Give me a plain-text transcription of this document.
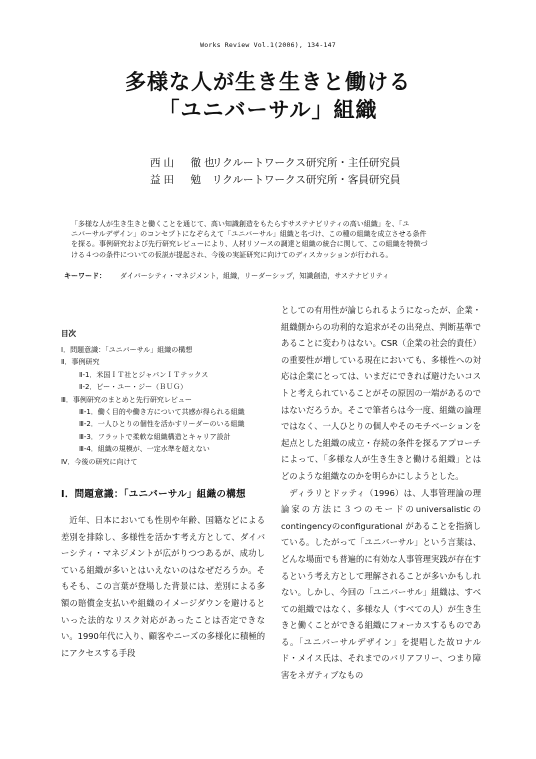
Works Review Vol.1(2006), 134-147
多様な人が生き生きと働ける
「ユニバーサル」組織
西山　徹也リクルートワークス研究所・主任研究員
益田　勉 リクルートワークス研究所・客員研究員
「多様な人が生き生きと働くことを通じて、高い知識創造をもたらすサステナビリティの高い組織」を、「ユ
ニバーサルデザイン」のコンセプトになぞらえて「ユニバーサル」組織と名づけ、この種の組織を成立させる条件
を探る。事例研究および先行研究レビューにより、人材リソースの調達と組織の統合に関して、この組織を特徴づ
ける４つの条件についての仮説が提起され、今後の実証研究に向けてのディスカッションが行われる。
キーワード： ダイバーシティ・マネジメント，組織，リーダーシップ，知識創造，サステナビリティ
目次
Ⅰ．問題意識：「ユニバーサル」組織の構想
Ⅱ．事例研究
Ⅱ-1．米国ＩＴ社とジャパンＩＴテックス
Ⅱ-2．ビー・ユー・ジー（ＢＵＧ）
Ⅲ．事例研究のまとめと先行研究レビュー
Ⅲ-1．働く目的や働き方について共感が得られる組織
Ⅲ-2．一人ひとりの個性を活かすリーダーのいる組織
Ⅲ-3．フラットで柔軟な組織構造とキャリア設計
Ⅲ-4．組織の規模が、一定水準を超えない
Ⅳ．今後の研究に向けて
Ⅰ．問題意識：「ユニバーサル」組織の構想

近年、日本においても性別や年齢、国籍などによる差別を排除し、多様性を活かす考え方として、ダイバーシティ・マネジメントが広がりつつあるが、成功している組織が多いとはいえないのはなぜだろうか。そもそも、この言葉が登場した背景には、差別による多額の賠償金支払いや組織のイメージダウンを避けるといった法的なリスク対応があったことは否定できない。1990年代に入り、顧客やニーズの多様化に積極的にアクセスする手段

としての有用性が論じられるようになったが、企業・組織側からの功利的な追求がその出発点、判断基準であることに変わりはない。CSR（企業の社会的責任）の重要性が増している現在においても、多様性への対応は企業にとっては、いまだにできれば避けたいコストと考えられていることがその原因の一端があるのではないだろうか。そこで筆者らは今一度、組織の論理ではなく、一人ひとりの個人やそのモチベーションを起点とした組織の成立・存続の条件を探るアプローチによって、「多様な人が生き生きと働ける組織」とはどのような組織なのかを明らかにしようとした。

ディラリとドッティ（1996）は、人事管理論の理論家の方法に３つのモードのuniversalisticのcontingencyのconfigurational があることを指摘している。したがって「ユニバーサル」という言葉は、どんな場面でも普遍的に有効な人事管理実践が存在するという考え方として理解されることが多いかもしれない。しかし、今回の「ユニバーサル」組織は、すべての組織ではなく、多様な人（すべての人）が生き生きと働くことができる組織にフォーカスするものである。「ユニバーサルデザイン」を提唱した故ロナルド・メイス氏は、それまでのバリアフリー、つまり障害をネガティブなもの
